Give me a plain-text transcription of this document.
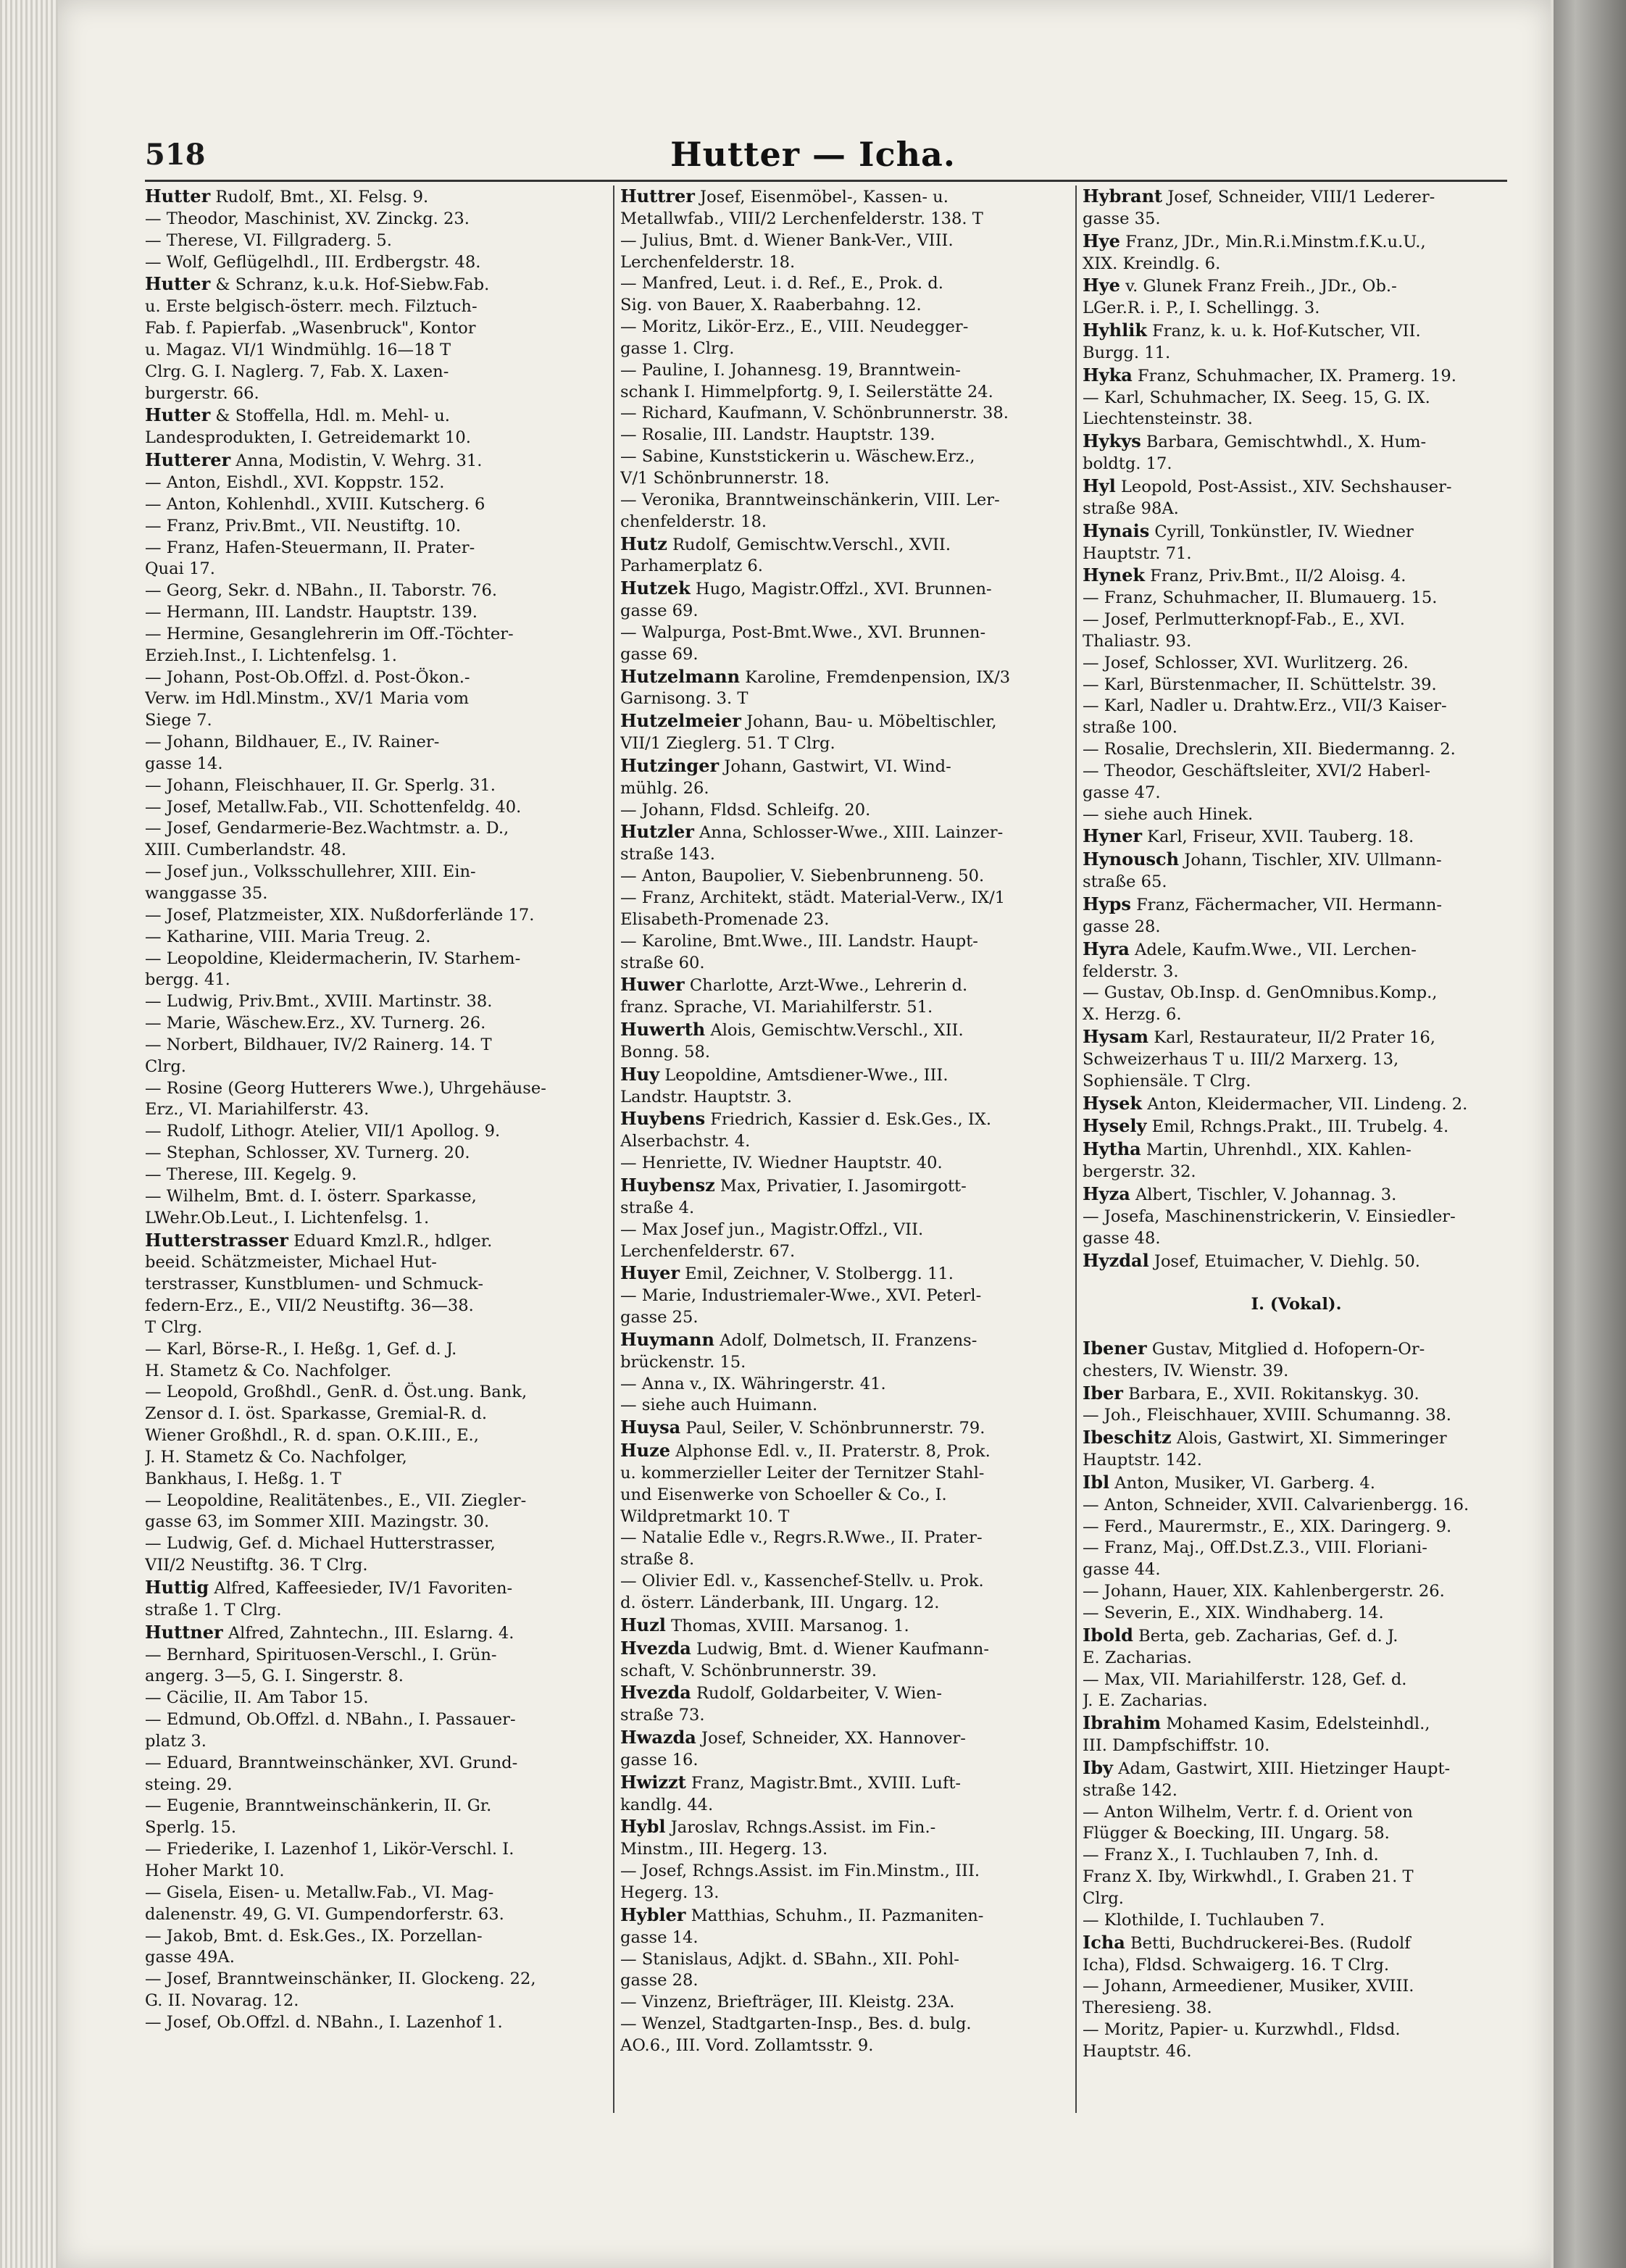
518	Hutter — Icha.
Hutter Rudolf, Bmt., XI. Felsg. 9.
— Theodor, Maschinist, XV. Zinckg. 23.
— Therese, VI. Fillgraderg. 5.
— Wolf, Geflügelhdl., III. Erdbergstr. 48.
Hutter & Schranz, k.u.k. Hof-Siebw.Fab.
u. Erste belgisch-österr. mech. Filztuch-
Fab. f. Papierfab. „Wasenbruck", Kontor
u. Magaz. VI/1 Windmühlg. 16—18 T
Clrg. G. I. Naglerg. 7, Fab. X. Laxen-
burgerstr. 66.
Hutter & Stoffella, Hdl. m. Mehl- u.
Landesprodukten, I. Getreidemarkt 10.
Hutterer Anna, Modistin, V. Wehrg. 31.
— Anton, Eishdl., XVI. Koppstr. 152.
— Anton, Kohlenhdl., XVIII. Kutscherg. 6
— Franz, Priv.Bmt., VII. Neustiftg. 10.
— Franz, Hafen-Steuermann, II. Prater-
Quai 17.
— Georg, Sekr. d. NBahn., II. Taborstr. 76.
— Hermann, III. Landstr. Hauptstr. 139.
— Hermine, Gesanglehrerin im Off.-Töchter-
Erzieh.Inst., I. Lichtenfelsg. 1.
— Johann, Post-Ob.Offzl. d. Post-Ökon.-
Verw. im Hdl.Minstm., XV/1 Maria vom
Siege 7.
— Johann, Bildhauer, E., IV. Rainer-
gasse 14.
— Johann, Fleischhauer, II. Gr. Sperlg. 31.
— Josef, Metallw.Fab., VII. Schottenfeldg. 40.
— Josef, Gendarmerie-Bez.Wachtmstr. a. D.,
XIII. Cumberlandstr. 48.
— Josef jun., Volksschullehrer, XIII. Ein-
wanggasse 35.
— Josef, Platzmeister, XIX. Nußdorferlände 17.
— Katharine, VIII. Maria Treug. 2.
— Leopoldine, Kleidermacherin, IV. Starhem-
bergg. 41.
— Ludwig, Priv.Bmt., XVIII. Martinstr. 38.
— Marie, Wäschew.Erz., XV. Turnerg. 26.
— Norbert, Bildhauer, IV/2 Rainerg. 14. T
Clrg.
— Rosine (Georg Hutterers Wwe.), Uhrgehäuse-
Erz., VI. Mariahilferstr. 43.
— Rudolf, Lithogr. Atelier, VII/1 Apollog. 9.
— Stephan, Schlosser, XV. Turnerg. 20.
— Therese, III. Kegelg. 9.
— Wilhelm, Bmt. d. I. österr. Sparkasse,
LWehr.Ob.Leut., I. Lichtenfelsg. 1.
Hutterstrasser Eduard Kmzl.R., hdlger.
beeid. Schätzmeister, Michael Hut-
terstrasser, Kunstblumen- und Schmuck-
federn-Erz., E., VII/2 Neustiftg. 36—38.
T Clrg.
— Karl, Börse-R., I. Heßg. 1, Gef. d. J.
H. Stametz & Co. Nachfolger.
— Leopold, Großhdl., GenR. d. Öst.ung. Bank,
Zensor d. I. öst. Sparkasse, Gremial-R. d.
Wiener Großhdl., R. d. span. O.K.III., E.,
J. H. Stametz & Co. Nachfolger,
Bankhaus, I. Heßg. 1. T
— Leopoldine, Realitätenbes., E., VII. Ziegler-
gasse 63, im Sommer XIII. Mazingstr. 30.
— Ludwig, Gef. d. Michael Hutterstrasser,
VII/2 Neustiftg. 36. T Clrg.
Huttig Alfred, Kaffeesieder, IV/1 Favoriten-
straße 1. T Clrg.
Huttner Alfred, Zahntechn., III. Eslarng. 4.
— Bernhard, Spirituosen-Verschl., I. Grün-
angerg. 3—5, G. I. Singerstr. 8.
— Cäcilie, II. Am Tabor 15.
— Edmund, Ob.Offzl. d. NBahn., I. Passauer-
platz 3.
— Eduard, Branntweinschänker, XVI. Grund-
steing. 29.
— Eugenie, Branntweinschänkerin, II. Gr.
Sperlg. 15.
— Friederike, I. Lazenhof 1, Likör-Verschl. I.
Hoher Markt 10.
— Gisela, Eisen- u. Metallw.Fab., VI. Mag-
dalenenstr. 49, G. VI. Gumpendorferstr. 63.
— Jakob, Bmt. d. Esk.Ges., IX. Porzellan-
gasse 49A.
— Josef, Branntweinschänker, II. Glockeng. 22,
G. II. Novarag. 12.
— Josef, Ob.Offzl. d. NBahn., I. Lazenhof 1.
Huttrer Josef, Eisenmöbel-, Kassen- u.
Metallwfab., VIII/2 Lerchenfelderstr. 138. T
— Julius, Bmt. d. Wiener Bank-Ver., VIII.
Lerchenfelderstr. 18.
— Manfred, Leut. i. d. Ref., E., Prok. d.
Sig. von Bauer, X. Raaberbahng. 12.
— Moritz, Likör-Erz., E., VIII. Neudegger-
gasse 1. Clrg.
— Pauline, I. Johannesg. 19, Branntwein-
schank I. Himmelpfortg. 9, I. Seilerstätte 24.
— Richard, Kaufmann, V. Schönbrunnerstr. 38.
— Rosalie, III. Landstr. Hauptstr. 139.
— Sabine, Kunststickerin u. Wäschew.Erz.,
V/1 Schönbrunnerstr. 18.
— Veronika, Branntweinschänkerin, VIII. Ler-
chenfelderstr. 18.
Hutz Rudolf, Gemischtw.Verschl., XVII.
Parhamerplatz 6.
Hutzek Hugo, Magistr.Offzl., XVI. Brunnen-
gasse 69.
— Walpurga, Post-Bmt.Wwe., XVI. Brunnen-
gasse 69.
Hutzelmann Karoline, Fremdenpension, IX/3
Garnisong. 3. T
Hutzelmeier Johann, Bau- u. Möbeltischler,
VII/1 Zieglerg. 51. T Clrg.
Hutzinger Johann, Gastwirt, VI. Wind-
mühlg. 26.
— Johann, Fldsd. Schleifg. 20.
Hutzler Anna, Schlosser-Wwe., XIII. Lainzer-
straße 143.
— Anton, Baupolier, V. Siebenbrunneng. 50.
— Franz, Architekt, städt. Material-Verw., IX/1
Elisabeth-Promenade 23.
— Karoline, Bmt.Wwe., III. Landstr. Haupt-
straße 60.
Huwer Charlotte, Arzt-Wwe., Lehrerin d.
franz. Sprache, VI. Mariahilferstr. 51.
Huwerth Alois, Gemischtw.Verschl., XII.
Bonng. 58.
Huy Leopoldine, Amtsdiener-Wwe., III.
Landstr. Hauptstr. 3.
Huybens Friedrich, Kassier d. Esk.Ges., IX.
Alserbachstr. 4.
— Henriette, IV. Wiedner Hauptstr. 40.
Huybensz Max, Privatier, I. Jasomirgott-
straße 4.
— Max Josef jun., Magistr.Offzl., VII.
Lerchenfelderstr. 67.
Huyer Emil, Zeichner, V. Stolbergg. 11.
— Marie, Industriemaler-Wwe., XVI. Peterl-
gasse 25.
Huymann Adolf, Dolmetsch, II. Franzens-
brückenstr. 15.
— Anna v., IX. Währingerstr. 41.
— siehe auch Huimann.
Huysa Paul, Seiler, V. Schönbrunnerstr. 79.
Huze Alphonse Edl. v., II. Praterstr. 8, Prok.
u. kommerzieller Leiter der Ternitzer Stahl-
und Eisenwerke von Schoeller & Co., I.
Wildpretmarkt 10. T
— Natalie Edle v., Regrs.R.Wwe., II. Prater-
straße 8.
— Olivier Edl. v., Kassenchef-Stellv. u. Prok.
d. österr. Länderbank, III. Ungarg. 12.
Huzl Thomas, XVIII. Marsanog. 1.
Hvezda Ludwig, Bmt. d. Wiener Kaufmann-
schaft, V. Schönbrunnerstr. 39.
Hvezda Rudolf, Goldarbeiter, V. Wien-
straße 73.
Hwazda Josef, Schneider, XX. Hannover-
gasse 16.
Hwizzt Franz, Magistr.Bmt., XVIII. Luft-
kandlg. 44.
Hybl Jaroslav, Rchngs.Assist. im Fin.-
Minstm., III. Hegerg. 13.
— Josef, Rchngs.Assist. im Fin.Minstm., III.
Hegerg. 13.
Hybler Matthias, Schuhm., II. Pazmaniten-
gasse 14.
— Stanislaus, Adjkt. d. SBahn., XII. Pohl-
gasse 28.
— Vinzenz, Briefträger, III. Kleistg. 23A.
— Wenzel, Stadtgarten-Insp., Bes. d. bulg.
AO.6., III. Vord. Zollamtsstr. 9.
Hybrant Josef, Schneider, VIII/1 Lederer-
gasse 35.
Hye Franz, JDr., Min.R.i.Minstm.f.K.u.U.,
XIX. Kreindlg. 6.
Hye v. Glunek Franz Freih., JDr., Ob.-
LGer.R. i. P., I. Schellingg. 3.
Hyhlik Franz, k. u. k. Hof-Kutscher, VII.
Burgg. 11.
Hyka Franz, Schuhmacher, IX. Pramerg. 19.
— Karl, Schuhmacher, IX. Seeg. 15, G. IX.
Liechtensteinstr. 38.
Hykys Barbara, Gemischtwhdl., X. Hum-
boldtg. 17.
Hyl Leopold, Post-Assist., XIV. Sechshauser-
straße 98A.
Hynais Cyrill, Tonkünstler, IV. Wiedner
Hauptstr. 71.
Hynek Franz, Priv.Bmt., II/2 Aloisg. 4.
— Franz, Schuhmacher, II. Blumauerg. 15.
— Josef, Perlmutterknopf-Fab., E., XVI.
Thaliastr. 93.
— Josef, Schlosser, XVI. Wurlitzerg. 26.
— Karl, Bürstenmacher, II. Schüttelstr. 39.
— Karl, Nadler u. Drahtw.Erz., VII/3 Kaiser-
straße 100.
— Rosalie, Drechslerin, XII. Biedermanng. 2.
— Theodor, Geschäftsleiter, XVI/2 Haberl-
gasse 47.
— siehe auch Hinek.
Hyner Karl, Friseur, XVII. Tauberg. 18.
Hynousch Johann, Tischler, XIV. Ullmann-
straße 65.
Hyps Franz, Fächermacher, VII. Hermann-
gasse 28.
Hyra Adele, Kaufm.Wwe., VII. Lerchen-
felderstr. 3.
— Gustav, Ob.Insp. d. GenOmnibus.Komp.,
X. Herzg. 6.
Hysam Karl, Restaurateur, II/2 Prater 16,
Schweizerhaus T u. III/2 Marxerg. 13,
Sophiensäle. T Clrg.
Hysek Anton, Kleidermacher, VII. Lindeng. 2.
Hysely Emil, Rchngs.Prakt., III. Trubelg. 4.
Hytha Martin, Uhrenhdl., XIX. Kahlen-
bergerstr. 32.
Hyza Albert, Tischler, V. Johannag. 3.
— Josefa, Maschinenstrickerin, V. Einsiedler-
gasse 48.
Hyzdal Josef, Etuimacher, V. Diehlg. 50.

I. (Vokal).

Ibener Gustav, Mitglied d. Hofopern-Or-
chesters, IV. Wienstr. 39.
Iber Barbara, E., XVII. Rokitanskyg. 30.
— Joh., Fleischhauer, XVIII. Schumanng. 38.
Ibeschitz Alois, Gastwirt, XI. Simmeringer
Hauptstr. 142.
Ibl Anton, Musiker, VI. Garberg. 4.
— Anton, Schneider, XVII. Calvarienbergg. 16.
— Ferd., Maurermstr., E., XIX. Daringerg. 9.
— Franz, Maj., Off.Dst.Z.3., VIII. Floriani-
gasse 44.
— Johann, Hauer, XIX. Kahlenbergerstr. 26.
— Severin, E., XIX. Windhaberg. 14.
Ibold Berta, geb. Zacharias, Gef. d. J.
E. Zacharias.
— Max, VII. Mariahilferstr. 128, Gef. d.
J. E. Zacharias.
Ibrahim Mohamed Kasim, Edelsteinhdl.,
III. Dampfschiffstr. 10.
Iby Adam, Gastwirt, XIII. Hietzinger Haupt-
straße 142.
— Anton Wilhelm, Vertr. f. d. Orient von
Flügger & Boecking, III. Ungarg. 58.
— Franz X., I. Tuchlauben 7, Inh. d.
Franz X. Iby, Wirkwhdl., I. Graben 21. T
Clrg.
— Klothilde, I. Tuchlauben 7.
Icha Betti, Buchdruckerei-Bes. (Rudolf
Icha), Fldsd. Schwaigerg. 16. T Clrg.
— Johann, Armeediener, Musiker, XVIII.
Theresieng. 38.
— Moritz, Papier- u. Kurzwhdl., Fldsd.
Hauptstr. 46.
